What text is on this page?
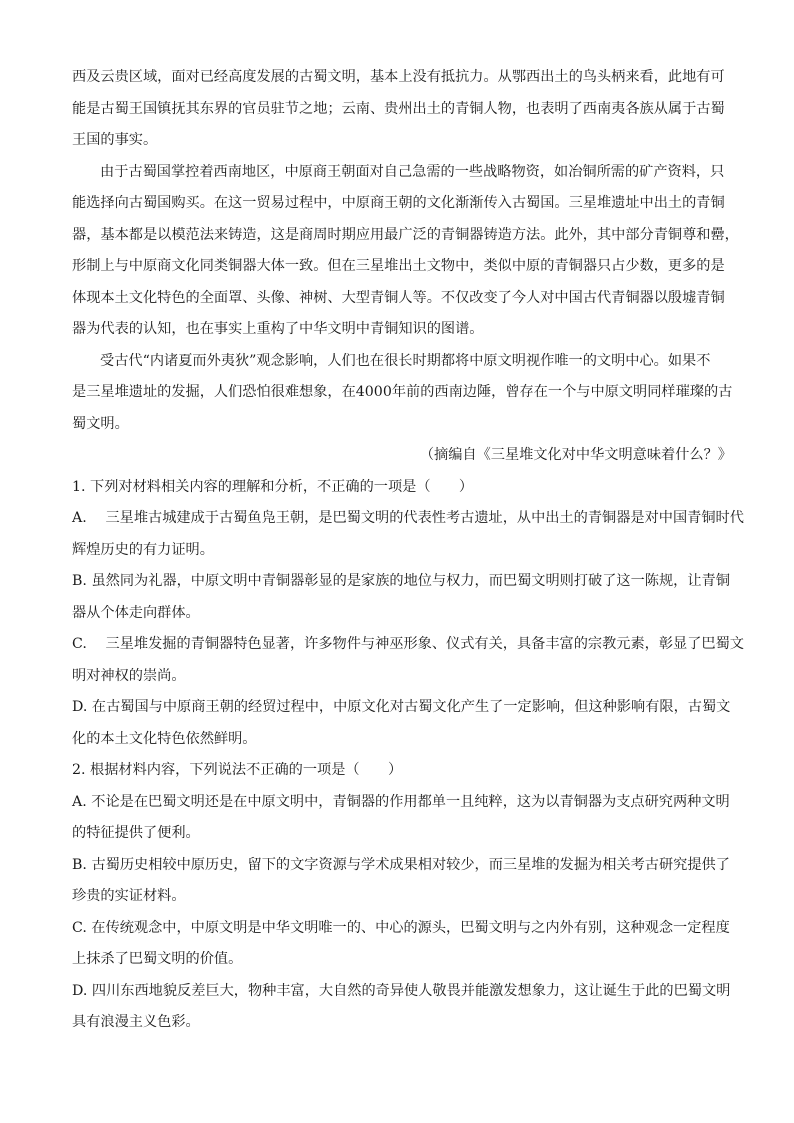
西及云贵区域，面对已经高度发展的古蜀文明，基本上没有抵抗力。从鄂西出土的鸟头柄来看，此地有可
能是古蜀王国镇抚其东界的官员驻节之地；云南、贵州出土的青铜人物，也表明了西南夷各族从属于古蜀
王国的事实。
由于古蜀国掌控着西南地区，中原商王朝面对自己急需的一些战略物资，如冶铜所需的矿产资料，只
能选择向古蜀国购买。在这一贸易过程中，中原商王朝的文化渐渐传入古蜀国。三星堆遗址中出土的青铜
器，基本都是以模范法来铸造，这是商周时期应用最广泛的青铜器铸造方法。此外，其中部分青铜尊和罍，
形制上与中原商文化同类铜器大体一致。但在三星堆出土文物中，类似中原的青铜器只占少数，更多的是
体现本土文化特色的全面罩、头像、神树、大型青铜人等。不仅改变了今人对中国古代青铜器以殷墟青铜
器为代表的认知，也在事实上重构了中华文明中青铜知识的图谱。
受古代“内诸夏而外夷狄”观念影响，人们也在很长时期都将中原文明视作唯一的文明中心。如果不
是三星堆遗址的发掘，人们恐怕很难想象，在4000年前的西南边陲，曾存在一个与中原文明同样璀璨的古
蜀文明。
（摘编自《三星堆文化对中华文明意味着什么？》
1. 下列对材料相关内容的理解和分析，不正确的一项是（　　）
A. 　三星堆古城建成于古蜀鱼凫王朝，是巴蜀文明的代表性考古遗址，从中出土的青铜器是对中国青铜时代
辉煌历史的有力证明。
B. 虽然同为礼器，中原文明中青铜器彰显的是家族的地位与权力，而巴蜀文明则打破了这一陈规，让青铜
器从个体走向群体。
C. 　三星堆发掘的青铜器特色显著，许多物件与神巫形象、仪式有关，具备丰富的宗教元素，彰显了巴蜀文
明对神权的崇尚。
D. 在古蜀国与中原商王朝的经贸过程中，中原文化对古蜀文化产生了一定影响，但这种影响有限，古蜀文
化的本土文化特色依然鲜明。
2. 根据材料内容，下列说法不正确的一项是（　　）
A. 不论是在巴蜀文明还是在中原文明中，青铜器的作用都单一且纯粹，这为以青铜器为支点研究两种文明
的特征提供了便利。
B. 古蜀历史相较中原历史，留下的文字资源与学术成果相对较少，而三星堆的发掘为相关考古研究提供了
珍贵的实证材料。
C. 在传统观念中，中原文明是中华文明唯一的、中心的源头，巴蜀文明与之内外有别，这种观念一定程度
上抹杀了巴蜀文明的价值。
D. 四川东西地貌反差巨大，物种丰富，大自然的奇异使人敬畏并能激发想象力，这让诞生于此的巴蜀文明
具有浪漫主义色彩。
